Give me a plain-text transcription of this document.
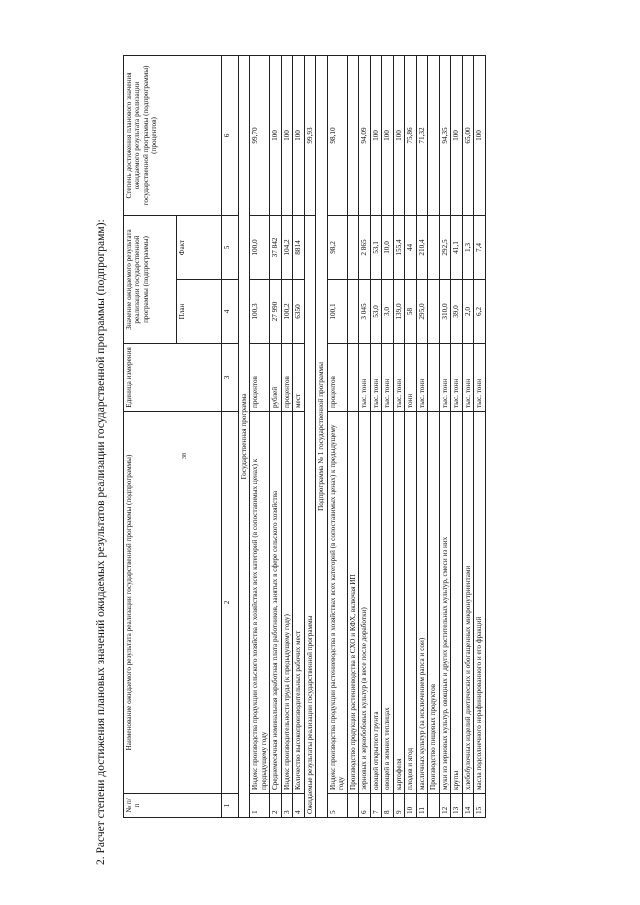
38
2. Расчет степени достижения плановых значений ожидаемых результатов реализации государственной программы (подпрограмм):	№ п/п	Наименование ожидаемого результата реализации государственной программы (подпрограммы)	Единица измерения	Значение ожидаемого результата реализации государственной программы (подпрограммы)		Степень достижения планового значения ожидаемого результата реализации государственной программы (подпрограммы) (процентов)
			План	Факт	
1	2	3	4	5	6
Государственная программа					
1	Индекс производства продукции сельского хозяйства в хозяйствах всех категорий (в сопоставимых ценах) к предыдущему году	процентов	100,3	100,0	99,70
2	Среднемесячная номинальная заработная плата работников, занятых в сфере сельского хозяйства	рублей	27 990	37 842	100
3	Индекс производительности труда (к предыдущему году)	процентов	100,2	104,2	100
4	Количество высокопроизводительных рабочих мест	мест	6350	8814	100
Ожидаемые результаты реализации государственной программы					99,93
Подпрограмма № 1 государственной программы					
5	Индекс производства продукции растениеводства в хозяйствах всех категорий (в сопоставимых ценах) к предыдущему году	процентов	100,1	98,2	98,10
	Производство продукции растениеводства в СХО и КФХ, включая ИП				
6	зерновых и зернобобовых культур (в весе после доработки)	тыс. тонн	3 045	2 865	94,09
7	овощей открытого грунта	тыс. тонн	53,0	53,1	100
8	овощей в зимних теплицах	тыс. тонн	3,0	10,0	100
9	картофеля	тыс. тонн	139,0	155,4	100
10	плодов и ягод	тонн	58	44	75,86
11	масличных культур (за исключением рапса и сои)	тыс. тонн	295,0	210,4	71,32
	Производство пищевых продуктов				
12	муки из зерновых культур, овощных и других растительных культур, смеси из них	тыс. тонн	310,0	292,5	94,35
13	крупы	тыс. тонн	39,0	41,1	100
14	хлебобулочных изделий диетических и обогащенных микронутриентами	тыс. тонн	2,0	1,3	65,00
15	масла подсолнечного нерафинированного и его фракций	тыс. тонн	6,2	7,4	100
